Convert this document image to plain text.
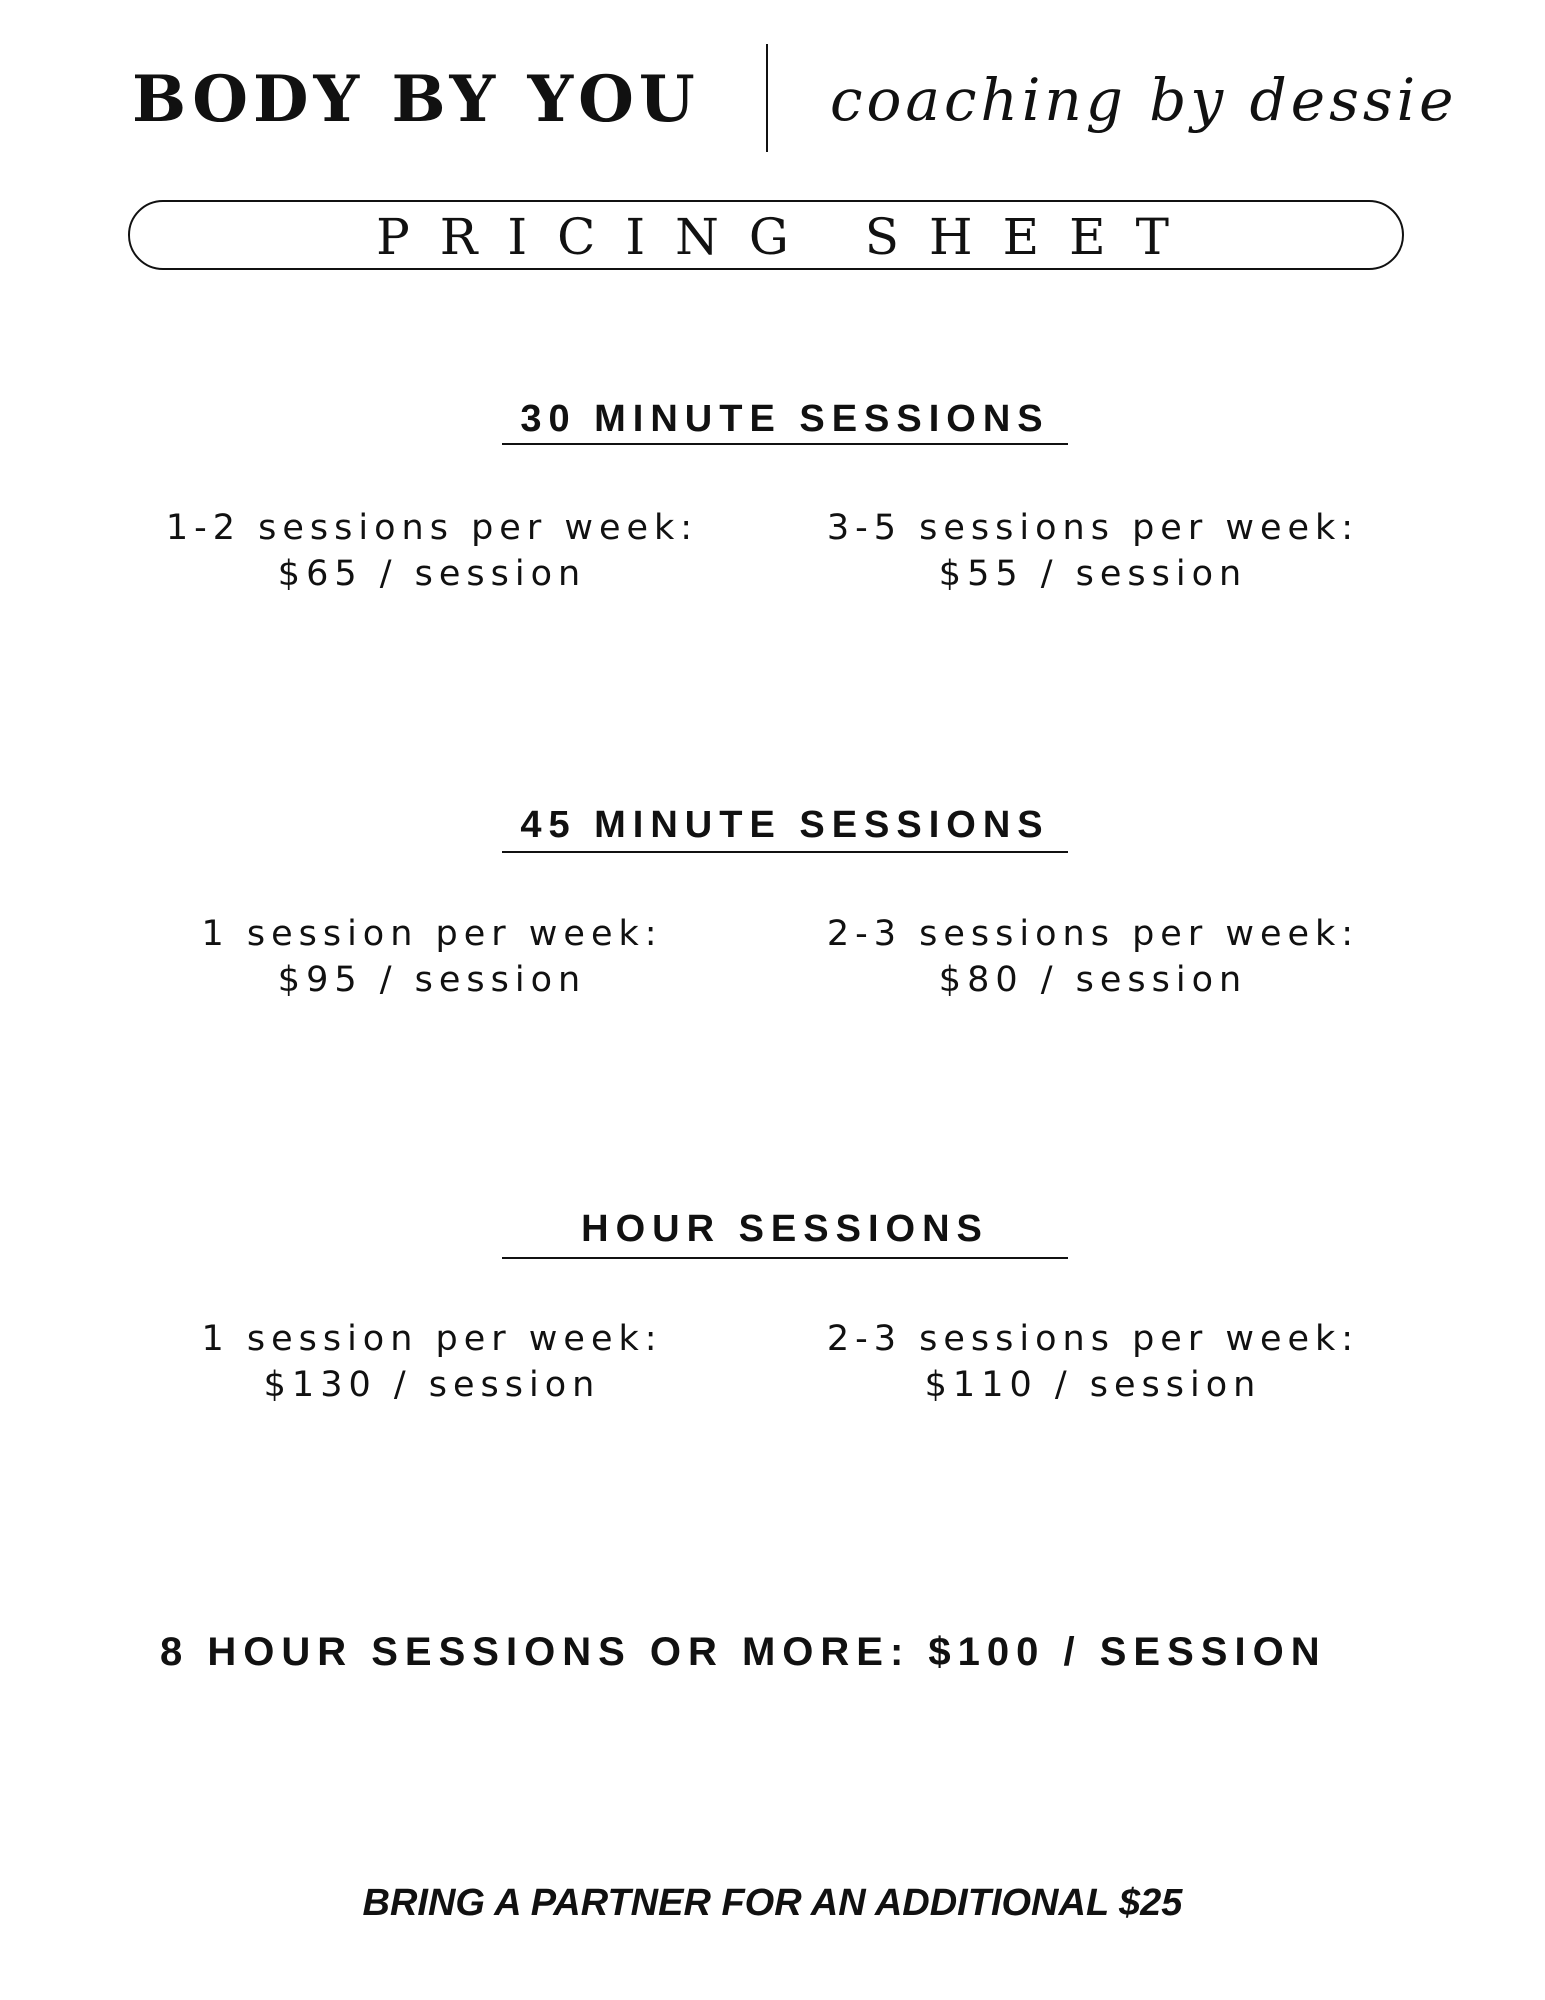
BODY BY YOU coaching by dessie
PRICING SHEET
30 MINUTE SESSIONS
1-2 sessions per week:
$65 / session
3-5 sessions per week:
$55 / session
45 MINUTE SESSIONS
1 session per week:
$95 / session
2-3 sessions per week:
$80 / session
HOUR SESSIONS
1 session per week:
$130 / session
2-3 sessions per week:
$110 / session
8 HOUR SESSIONS OR MORE: $100 / SESSION
BRING A PARTNER FOR AN ADDITIONAL $25
